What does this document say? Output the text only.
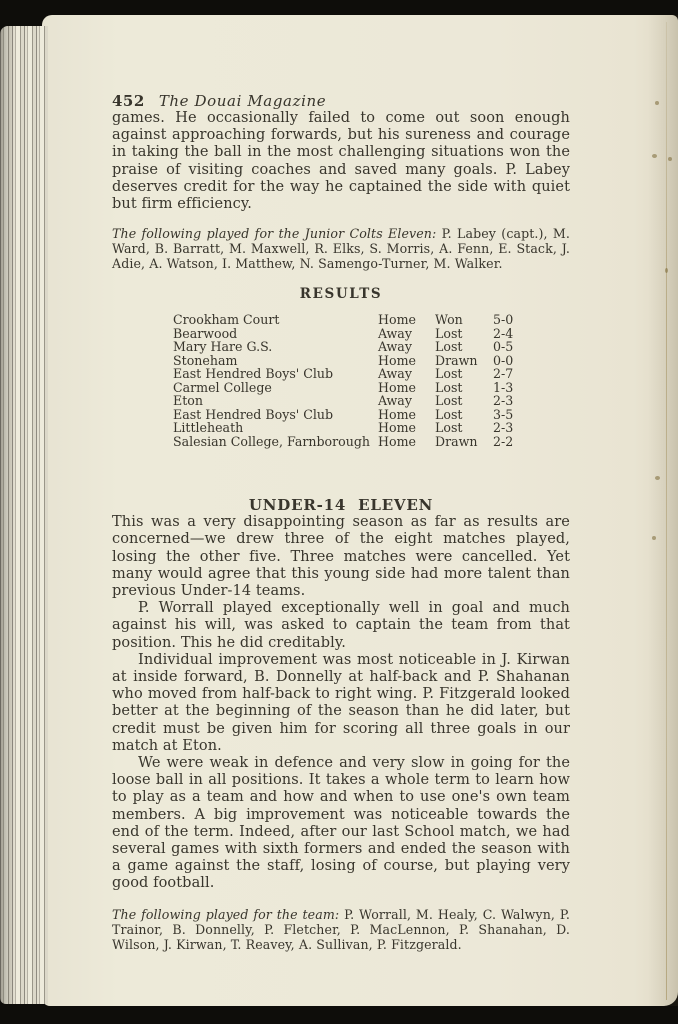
452 The Douai Magazine

games. He occasionally failed to come out soon enough against approaching forwards, but his sureness and courage in taking the ball in the most challenging situations won the praise of visiting coaches and saved many goals. P. Labey deserves credit for the way he captained the side with quiet but firm efficiency.

The following played for the Junior Colts Eleven: P. Labey (capt.), M. Ward, B. Barratt, M. Maxwell, R. Elks, S. Morris, A. Fenn, E. Stack, J. Adie, A. Watson, I. Matthew, N. Samengo-Turner, M. Walker.

RESULTS
Crookham Court	Home	Won	5-0
Bearwood	Away	Lost	2-4
Mary Hare G.S.	Away	Lost	0-5
Stoneham	Home	Drawn	0-0
East Hendred Boys' Club	Away	Lost	2-7
Carmel College	Home	Lost	1-3
Eton	Away	Lost	2-3
East Hendred Boys' Club	Home	Lost	3-5
Littleheath	Home	Lost	2-3
Salesian College, Farnborough Home	Drawn	2-2
UNDER-14 ELEVEN

This was a very disappointing season as far as results are concerned—we drew three of the eight matches played, losing the other five. Three matches were cancelled. Yet many would agree that this young side had more talent than previous Under-14 teams.

P. Worrall played exceptionally well in goal and much against his will, was asked to captain the team from that position. This he did creditably.

Individual improvement was most noticeable in J. Kirwan at inside forward, B. Donnelly at half-back and P. Shahanan who moved from half-back to right wing. P. Fitzgerald looked better at the beginning of the season than he did later, but credit must be given him for scoring all three goals in our match at Eton.

We were weak in defence and very slow in going for the loose ball in all positions. It takes a whole term to learn how to play as a team and how and when to use one's own team members. A big improvement was noticeable towards the end of the term. Indeed, after our last School match, we had several games with sixth formers and ended the season with a game against the staff, losing of course, but playing very good football.

The following played for the team: P. Worrall, M. Healy, C. Walwyn, P. Trainor, B. Donnelly, P. Fletcher, P. MacLennon, P. Shanahan, D. Wilson, J. Kirwan, T. Reavey, A. Sullivan, P. Fitzgerald.
